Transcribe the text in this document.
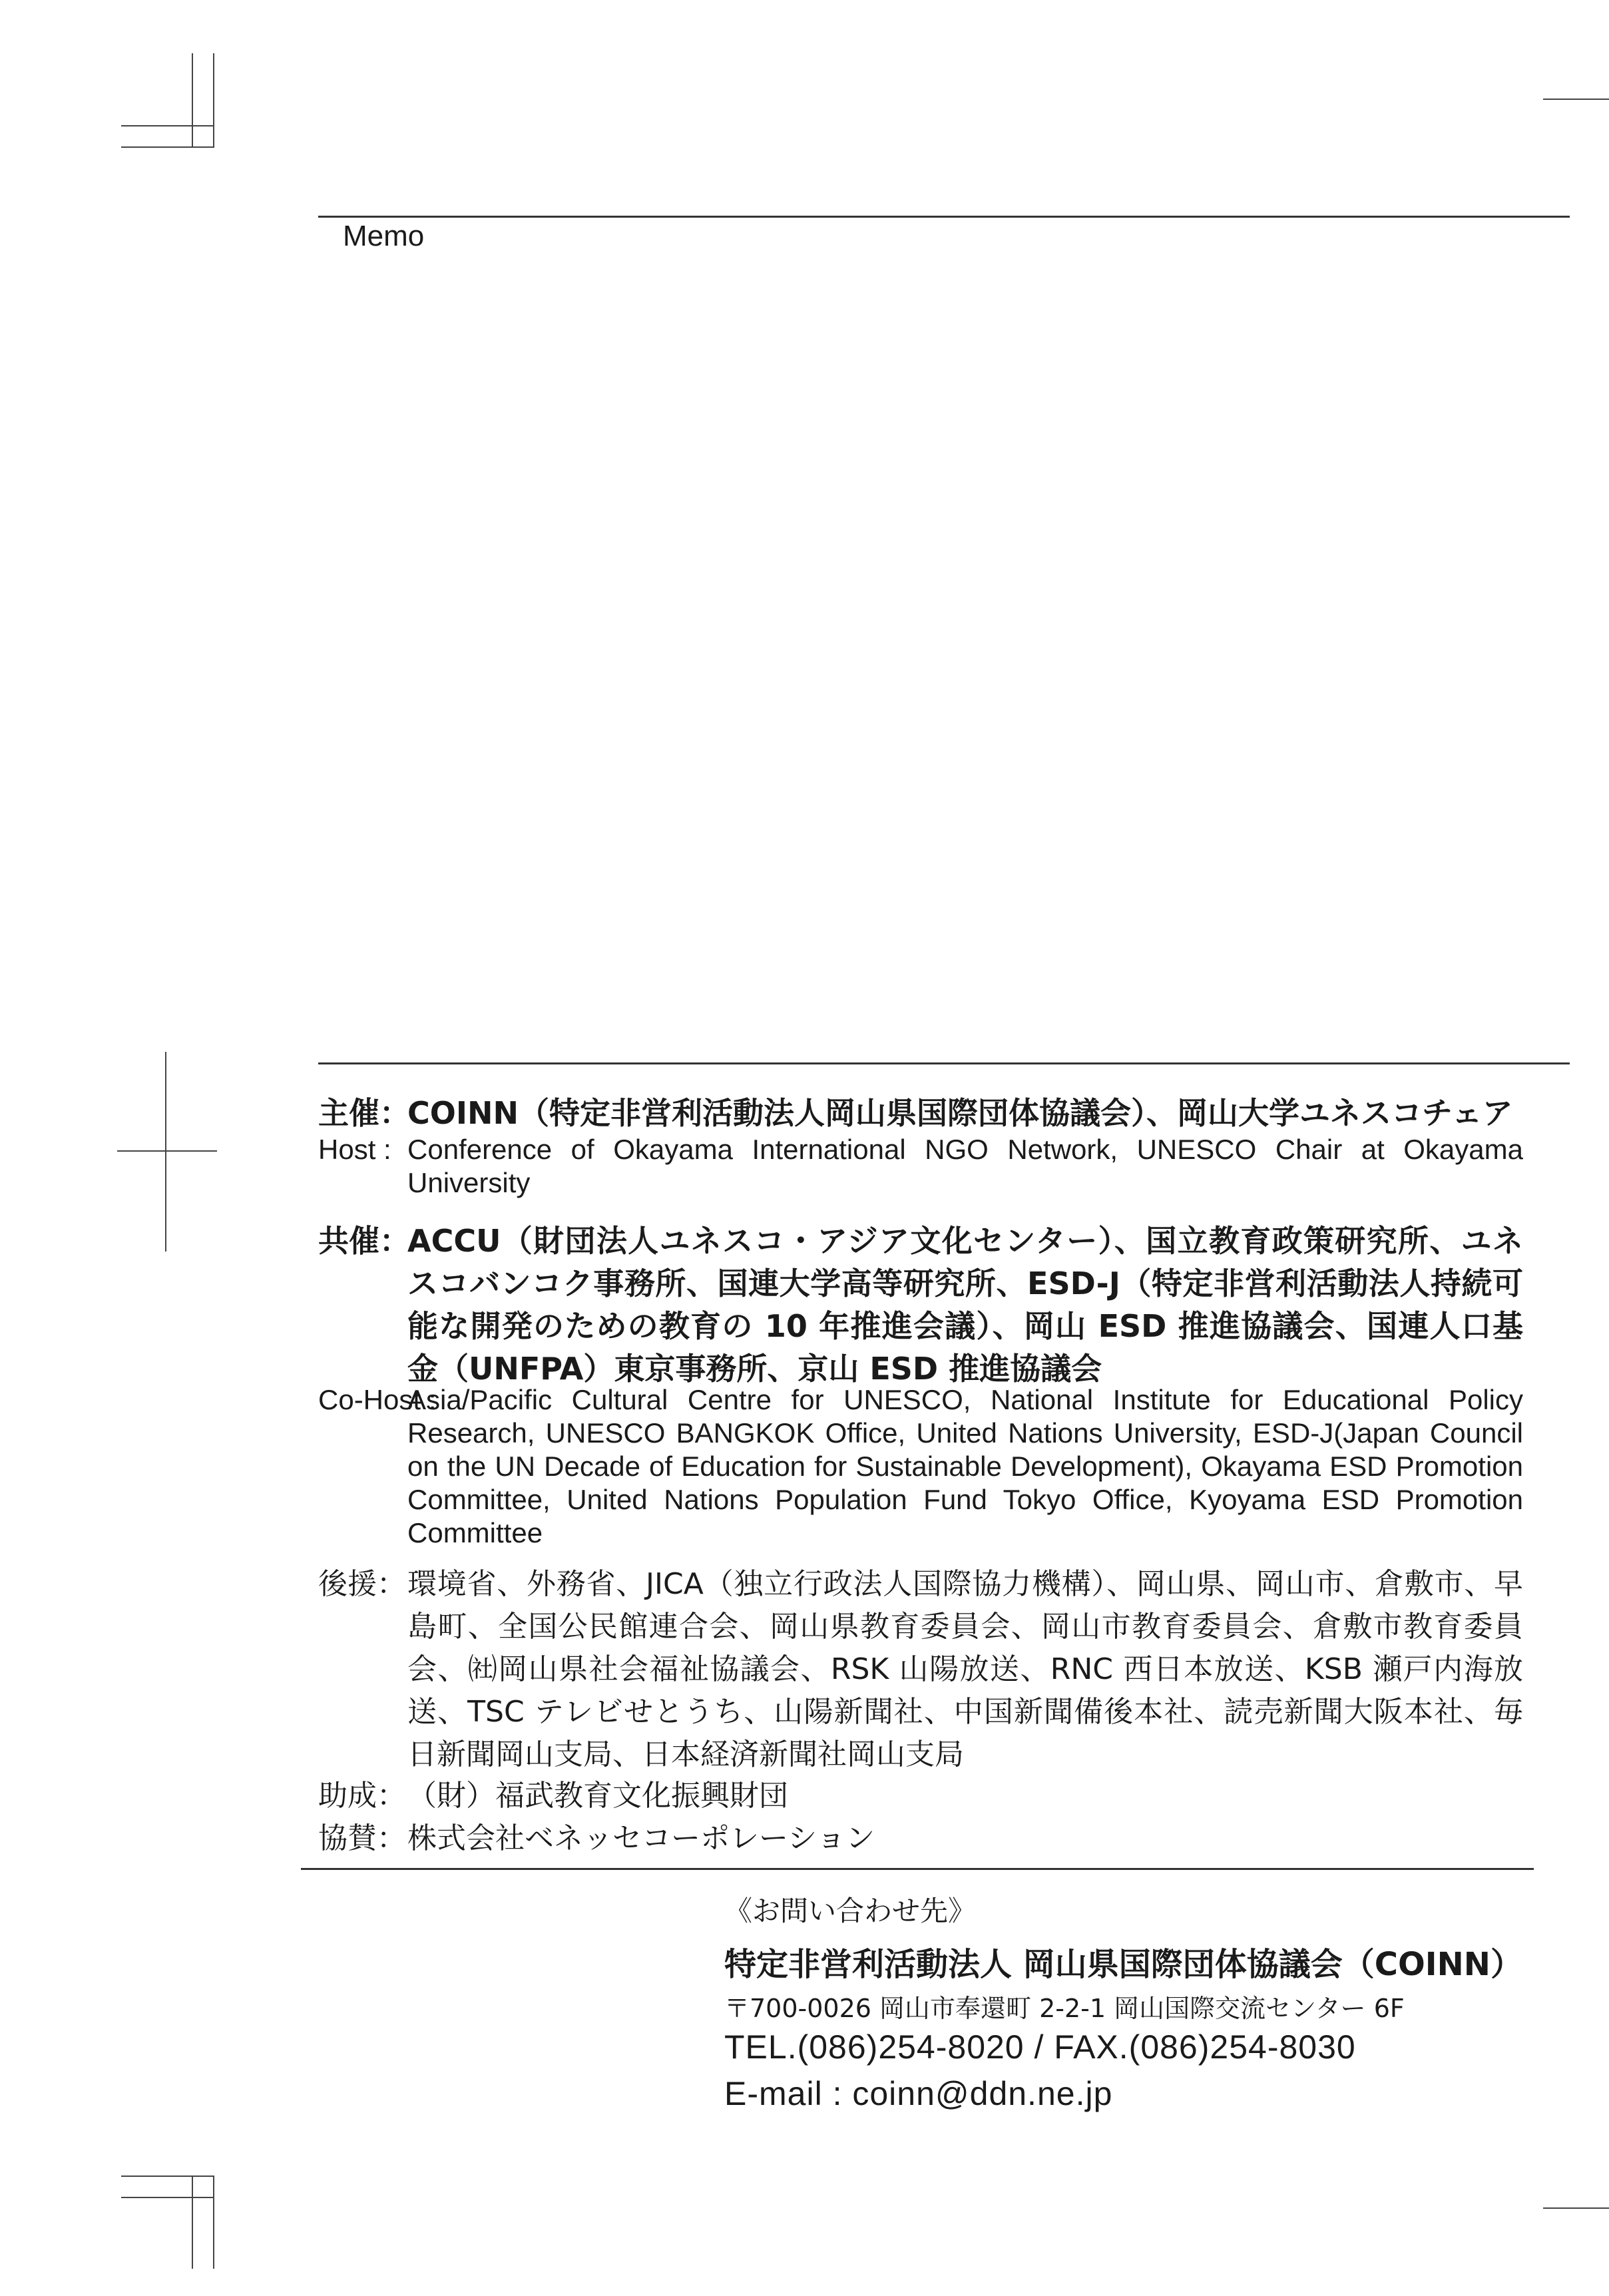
Memo
主催：
COINN（特定非営利活動法人岡山県国際団体協議会）、岡山大学ユネスコチェア
Host : Conference of Okayama International NGO Network, UNESCO Chair at Okayama University
共催：
ACCU（財団法人ユネスコ・アジア文化センター）、国立教育政策研究所、ユネスコバンコク事務所、国連大学高等研究所、ESD-J（特定非営利活動法人持続可能な開発のための教育の 10 年推進会議）、岡山 ESD 推進協議会、国連人口基金（UNFPA）東京事務所、京山 ESD 推進協議会
Co-Host :
Asia/Pacific Cultural Centre for UNESCO, National Institute for Educational Policy Research, UNESCO BANGKOK Office, United Nations University, ESD-J(Japan Council on the UN Decade of Education for Sustainable Development), Okayama ESD Promotion Committee, United Nations Population Fund Tokyo Office, Kyoyama ESD Promotion Committee
後援： 環境省、外務省、JICA（独立行政法人国際協力機構）、岡山県、岡山市、倉敷市、早島町、全国公民館連合会、岡山県教育委員会、岡山市教育委員会、倉敷市教育委員会、㈳岡山県社会福祉協議会、RSK 山陽放送、RNC 西日本放送、KSB 瀬戸内海放送、TSC テレビせとうち、山陽新聞社、中国新聞備後本社、読売新聞大阪本社、毎日新聞岡山支局、日本経済新聞社岡山支局
助成： （財）福武教育文化振興財団
協賛： 株式会社ベネッセコーポレーション
《お問い合わせ先》
特定非営利活動法人 岡山県国際団体協議会（COINN）
〒700-0026 岡山市奉還町 2-2-1 岡山国際交流センター 6F
TEL.(086)254-8020 / FAX.(086)254-8030
E-mail : coinn@ddn.ne.jp
